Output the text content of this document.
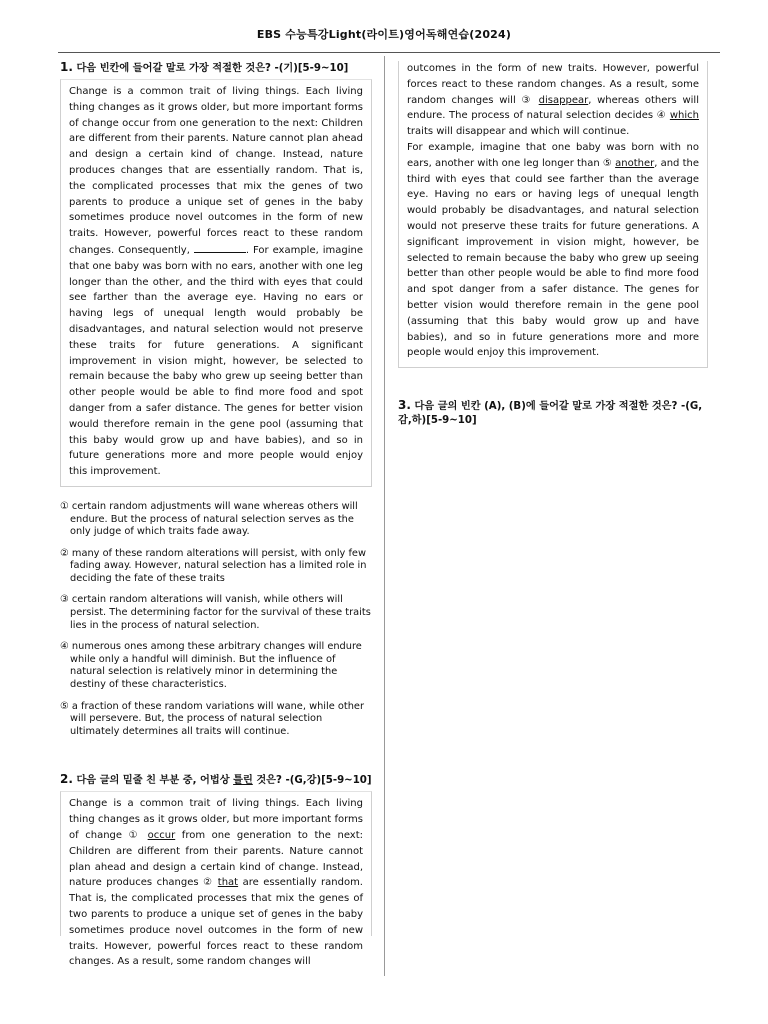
EBS 수능특강Light(라이트)영어독해연습(2024)

1. 다음 빈칸에 들어갈 말로 가장 적절한 것은? -(기)[5-9~10]

Change is a common trait of living things. Each living thing changes as it grows older, but more important forms of change occur from one generation to the next: Children are different from their parents. Nature cannot plan ahead and design a certain kind of change. Instead, nature produces changes that are essentially random. That is, the complicated processes that mix the genes of two parents to produce a unique set of genes in the baby sometimes produce novel outcomes in the form of new traits. However, powerful forces react to these random changes. Consequently,	. For example, imagine that one baby was born with no ears, another with one leg longer than the other, and the third with eyes that could see farther than the average eye. Having no ears or having legs of unequal length would probably be disadvantages, and natural selection would not preserve these traits for future generations. A significant improvement in vision might, however, be selected to remain because the baby who grew up seeing better than other people would be able to find more food and spot danger from a safer distance. The genes for better vision would therefore remain in the gene pool (assuming that this baby would grow up and have babies), and so in future generations more and more people would enjoy this improvement.

① certain random adjustments will wane whereas others will endure. But the process of natural selection serves as the only judge of which traits fade away.

② many of these random alterations will persist, with only few fading away. However, natural selection has a limited role in deciding the fate of these traits

③ certain random alterations will vanish, while others will persist. The determining factor for the survival of these traits lies in the process of natural selection.

④ numerous ones among these arbitrary changes will endure while only a handful will diminish. But the influence of natural selection is relatively minor in determining the destiny of these characteristics.

⑤ a fraction of these random variations will wane, while other will persevere. But, the process of natural selection ultimately determines all traits will continue.

2. 다음 글의 밑줄 친 부분 중, 어법상 틀린 것은? -(G,강)[5-9~10]

Change is a common trait of living things. Each living thing changes as it grows older, but more important forms of change ① occur from one generation to the next: Children are different from their parents. Nature cannot plan ahead and design a certain kind of change. Instead, nature produces changes ② that are essentially random. That is, the complicated processes that mix the genes of two parents to produce a unique set of genes in the baby sometimes produce novel outcomes in the form of new traits. However, powerful forces react to these random changes. As a result, some random changes will

outcomes in the form of new traits. However, powerful forces react to these random changes. As a result, some random changes will ③ disappear, whereas others will endure. The process of natural selection decides ④ which traits will disappear and which will continue.

For example, imagine that one baby was born with no ears, another with one leg longer than ⑤ another, and the third with eyes that could see farther than the average eye. Having no ears or having legs of unequal length would probably be disadvantages, and natural selection would not preserve these traits for future generations. A significant improvement in vision might, however, be selected to remain because the baby who grew up seeing better than other people would be able to find more food and spot danger from a safer distance. The genes for better vision would therefore remain in the gene pool (assuming that this baby would grow up and have babies), and so in future generations more and more people would enjoy this improvement.

3. 다음 글의 빈칸 (A), (B)에 들어갈 말로 가장 적절한 것은? -(G,감,하)[5-9~10]
